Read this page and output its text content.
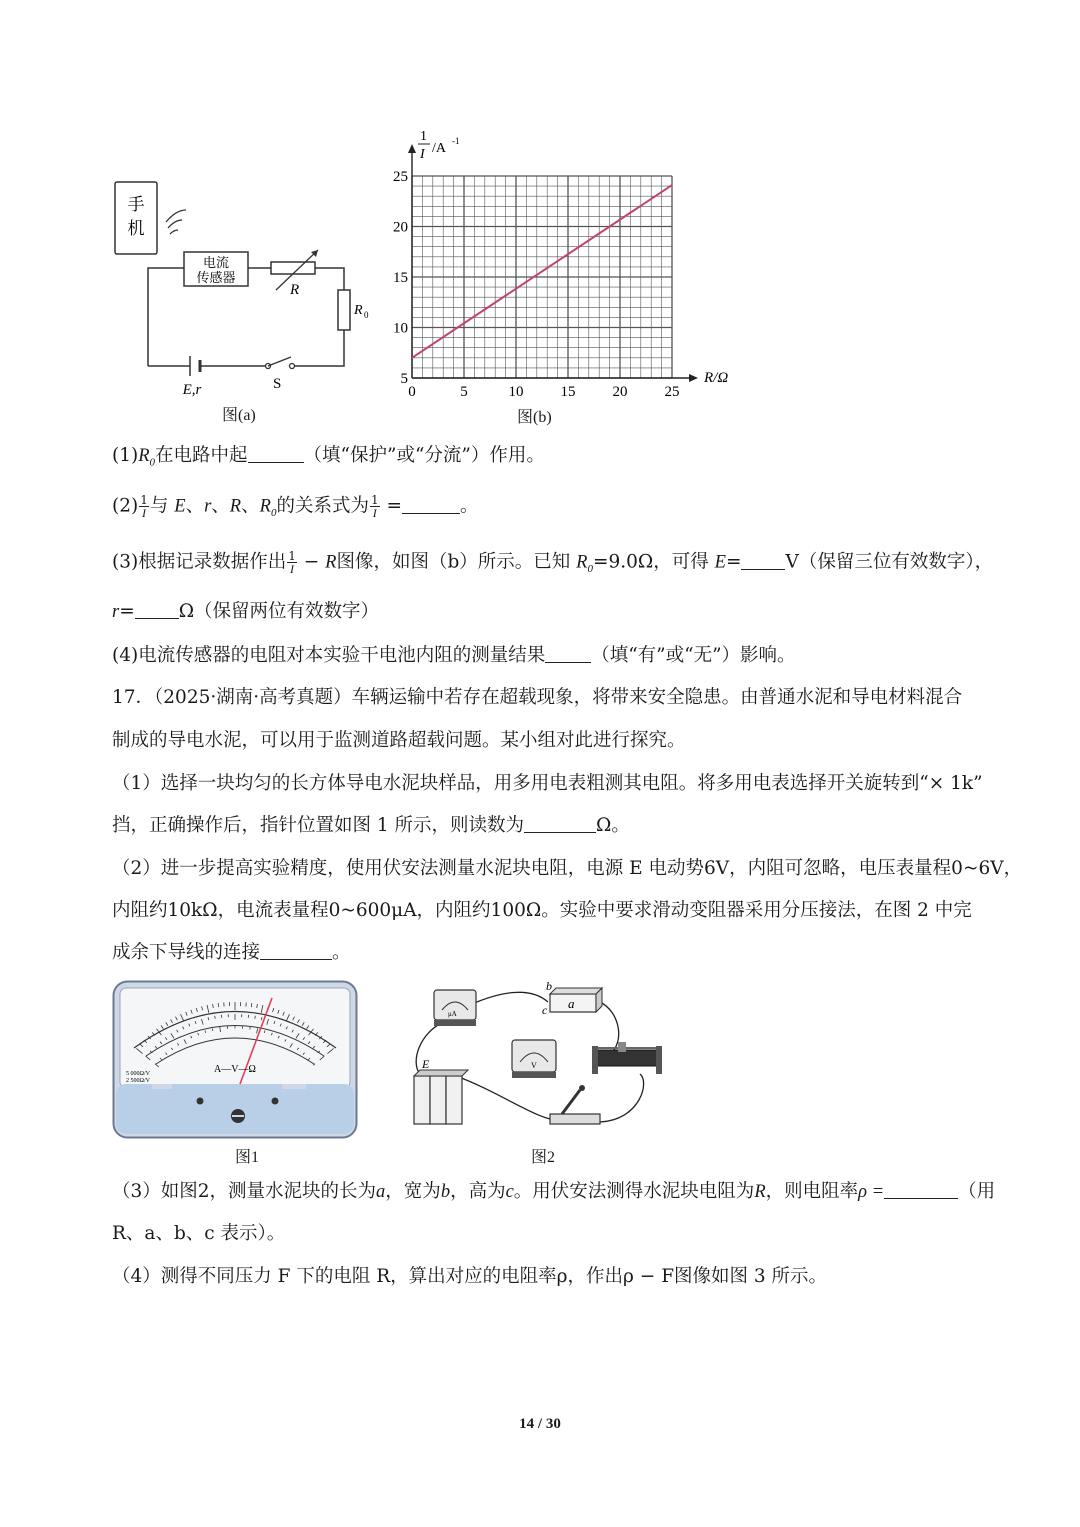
手
机
电流
传感器
R
R 0
E,r	S
图(a)
0	5	10 15 20 25
5
10
15
20
25
1
I /A -1
R/Ω
图(b)
$(1)R_0$在电路中起	（填“保护”或“分流”）作用。
$(2) \frac{1}{I}$ 与 E、r、R、$R_0$的关系式为 $\frac{1}{I}$ =	。
(3)根据记录数据作出 $\frac{1}{I} - R$图像，如图（b）所示。已知 $R_0=9.0\Omega$，可得 E= V（保留三位有效数字），
r= Ω（保留两位有效数字）
(4)电流传感器的电阻对本实验干电池内阻的测量结果 （填“有”或“无”）影响。
17．（2025·湖南·高考真题）车辆运输中若存在超载现象，将带来安全隐患。由普通水泥和导电材料混合
制成的导电水泥，可以用于监测道路超载问题。某小组对此进行探究。
（1）选择一块均匀的长方体导电水泥块样品，用多用电表粗测其电阻。将多用电表选择开关旋转到“× 1k”
挡，正确操作后，指针位置如图 1 所示，则读数为	Ω。
（2）进一步提高实验精度，使用伏安法测量水泥块电阻，电源 E 电动势6V，内阻可忽略，电压表量程0~6V，
内阻约10kΩ，电流表量程0~600μA，内阻约100Ω。实验中要求滑动变阻器采用分压接法，在图 2 中完
成余下导线的连接	。
A—V—Ω
5 000Ω/V
2 500Ω/V
图1
μA
a
b
c
V
E
图2
（3）如图2，测量水泥块的长为a，宽为b，高为c。用伏安法测得水泥块电阻为R，则电阻率ρ =	（用
R、a、b、c 表示）。
（4）测得不同压力 F 下的电阻 R，算出对应的电阻率ρ，作出ρ − F图像如图 3 所示。
14 / 30
